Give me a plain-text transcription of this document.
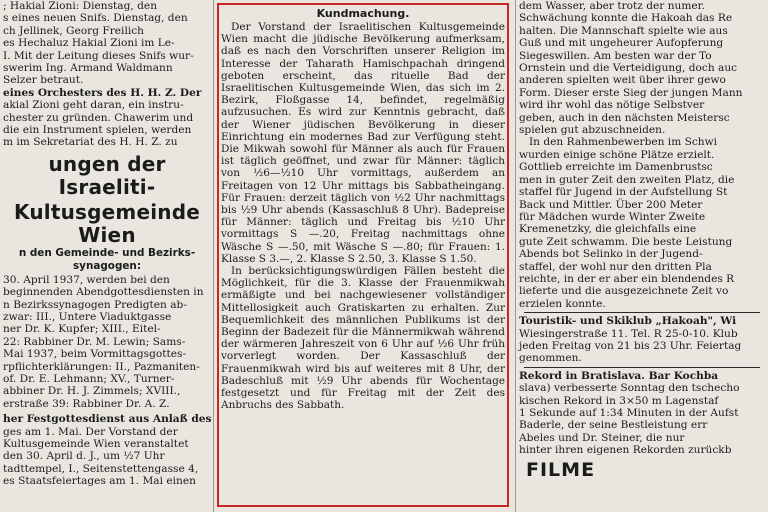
; Hakial Zioni: Dienstag, den
s eines neuen Snifs. Dienstag, den
ch Jellinek, Georg Freilich
es Hechaluz Hakial Zioni im Le-
I. Mit der Leitung dieses Snifs wur-
swerim Ing. Armand Waldmann
Selzer betraut.
eines Orchesters des H. H. Z. Der
akial Zioni geht daran, ein instru-
chester zu gründen. Chawerim und
die ein Instrument spielen, werden
m im Sekretariat des H. H. Z. zu
ungen der Israeliti-
Kultusgemeinde Wien
n den Gemeinde- und Bezirks-
synagogen:
30. April 1937, werden bei den
beginnenden Abendgottesdiensten in
n Bezirkssynagogen Predigten ab-
zwar: III., Untere Viaduktgasse
ner Dr. K. Kupfer; XIII., Eitel-
22: Rabbiner Dr. M. Lewin; Sams-
Mai 1937, beim Vormittagsgottes-
rpflichterklärungen: II., Pazmaniten-
of. Dr. E. Lehmann; XV., Turner-
abbiner Dr. H. J. Zimmels; XVIII.,
erstraße 39: Rabbiner Dr. A. Z.
her Festgottesdienst aus Anlaß des
ges am 1. Mai. Der Vorstand der
Kultusgemeinde Wien veranstaltet
den 30. April d. J., um ½7 Uhr
tadttempel, I., Seitenstettengasse 4,
es Staatsfeiertages am 1. Mai einen
Kundmachung.

Der Vorstand der Israelitischen Kultusgemeinde Wien macht die jüdische Bevölkerung aufmerksam, daß es nach den Vorschriften unserer Religion im Interesse der Taharath Hamischpachah dringend geboten erscheint, das rituelle Bad der Israelitischen Kultusgemeinde Wien, das sich im 2. Bezirk, Floßgasse 14, befindet, regelmäßig aufzusuchen. Es wird zur Kenntnis gebracht, daß der Wiener jüdischen Bevölkerung in dieser Einrichtung ein modernes Bad zur Verfügung steht. Die Mikwah sowohl für Männer als auch für Frauen ist täglich geöffnet, und zwar für Männer: täglich von ½6—½10 Uhr vormittags, außerdem an Freitagen von 12 Uhr mittags bis Sabbatheingang. Für Frauen: derzeit täglich von ½2 Uhr nachmittags bis ½9 Uhr abends (Kassaschluß 8 Uhr). Badepreise für Männer: täglich und Freitag bis ½10 Uhr vormittags S —.20, Freitag nachmittags ohne Wäsche S —.50, mit Wäsche S —.80; für Frauen: 1. Klasse S 3.—, 2. Klasse S 2.50, 3. Klasse S 1.50.

In berücksichtigungswürdigen Fällen besteht die Möglichkeit, für die 3. Klasse der Frauenmikwah ermäßigte und bei nachgewiesener vollständiger Mittellosigkeit auch Gratiskarten zu erhalten. Zur Bequemlichkeit des männlichen Publikums ist der Beginn der Badezeit für die Männermikwah während der wärmeren Jahreszeit von 6 Uhr auf ½6 Uhr früh vorverlegt worden. Der Kassaschluß der Frauenmikwah wird bis auf weiteres mit 8 Uhr, der Badeschluß mit ½9 Uhr abends für Wochentage festgesetzt und für Freitag mit der Zeit des Anbruchs des Sabbath.

dem Wasser, aber trotz der numer.
Schwächung konnte die Hakoah das Re
halten. Die Mannschaft spielte wie aus
Guß und mit ungeheurer Aufopferung
Siegeswillen. Am besten war der To
Ornstein und die Verteidigung, doch auc
anderen spielten weit über ihrer gewo
Form. Dieser erste Sieg der jungen Mann
wird ihr wohl das nötige Selbstver
geben, auch in den nächsten Meistersc
spielen gut abzuschneiden.
In den Rahmenbewerben im Schwi
wurden einige schöne Plätze erzielt.
Gottlieb erreichte im Damenbrustsc
men in guter Zeit den zweiten Platz, die
staffel für Jugend in der Aufstellung St
Back und Mittler. Über 200 Meter
für Mädchen wurde Winter Zweite
Kremenetzky, die gleichfalls eine
gute Zeit schwamm. Die beste Leistung
Abends bot Selinko in der Jugend-
staffel, der wohl nur den dritten Pla
reichte, in der er aber ein blendendes R
lieferte und die ausgezeichnete Zeit vo
erzielen konnte.
Touristik- und Skiklub „Hakoah", Wi
Wiesingerstraße 11. Tel. R 25-0-10. Klub
jeden Freitag von 21 bis 23 Uhr. Feiertag
genommen.
Rekord in Bratislava. Bar Kochba
slava) verbesserte Sonntag den tschecho
kischen Rekord in 3×50 m Lagenstaf
1 Sekunde auf 1:34 Minuten in der Aufst
Baderle, der seine Bestleistung err
Abeles und Dr. Steiner, die nur
hinter ihren eigenen Rekorden zurückb
FILME
